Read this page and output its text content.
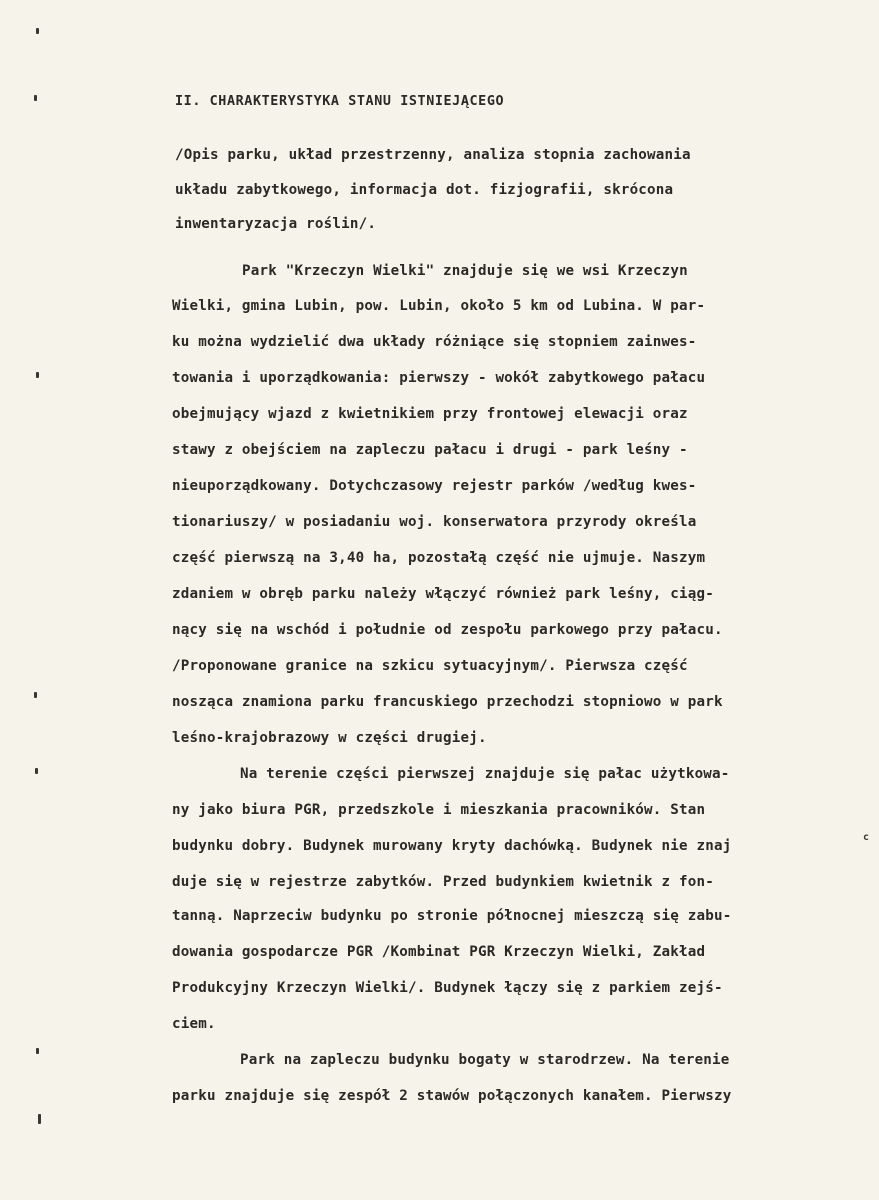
II. CHARAKTERYSTYKA STANU ISTNIEJĄCEGO
/Opis parku, układ przestrzenny, analiza stopnia zachowania
układu zabytkowego, informacja dot. fizjografii, skrócona
inwentaryzacja roślin/.
Park "Krzeczyn Wielki" znajduje się we wsi Krzeczyn
Wielki, gmina Lubin, pow. Lubin, około 5 km od Lubina. W par-
ku można wydzielić dwa układy różniące się stopniem zainwes-
towania i uporządkowania: pierwszy - wokół zabytkowego pałacu
obejmujący wjazd z kwietnikiem przy frontowej elewacji oraz
stawy z obejściem na zapleczu pałacu i drugi - park leśny -
nieuporządkowany. Dotychczasowy rejestr parków /według kwes-
tionariuszy/ w posiadaniu woj. konserwatora przyrody określa
część pierwszą na 3,40 ha, pozostałą część nie ujmuje. Naszym
zdaniem w obręb parku należy włączyć również park leśny, ciąg-
nący się na wschód i południe od zespołu parkowego przy pałacu.
/Proponowane granice na szkicu sytuacyjnym/. Pierwsza część
nosząca znamiona parku francuskiego przechodzi stopniowo w park
leśno-krajobrazowy w części drugiej.
Na terenie części pierwszej znajduje się pałac użytkowa-
ny jako biura PGR, przedszkole i mieszkania pracowników. Stan
budynku dobry. Budynek murowany kryty dachówką. Budynek nie znaj
c
duje się w rejestrze zabytków. Przed budynkiem kwietnik z fon-
tanną. Naprzeciw budynku po stronie północnej mieszczą się zabu-
dowania gospodarcze PGR /Kombinat PGR Krzeczyn Wielki, Zakład
Produkcyjny Krzeczyn Wielki/. Budynek łączy się z parkiem zejś-
ciem.
Park na zapleczu budynku bogaty w starodrzew. Na terenie
parku znajduje się zespół 2 stawów połączonych kanałem. Pierwszy
